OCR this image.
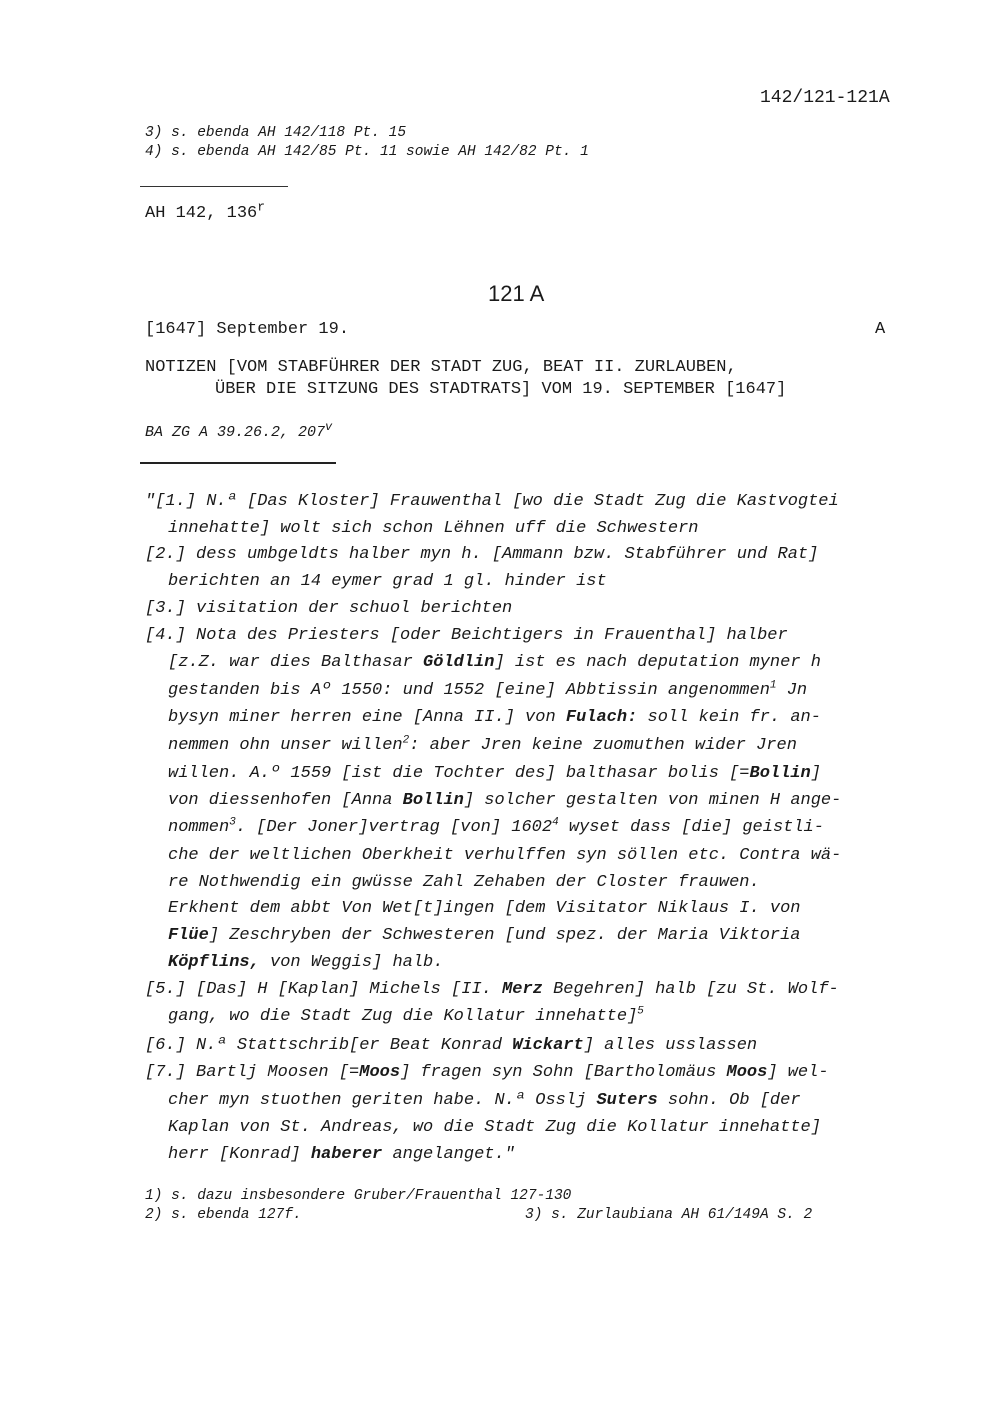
142/121-121A
3) s. ebenda AH 142/118 Pt. 15
4) s. ebenda AH 142/85 Pt. 11 sowie AH 142/82 Pt. 1
AH 142, 136$^r$
121 A
[1647] September 19.	A
NOTIZEN [VOM STABFÜHRER DER STADT ZUG, BEAT II. ZURLAUBEN,
ÜBER DIE SITZUNG DES STADTRATS] VOM 19. SEPTEMBER [1647]
BA ZG A 39.26.2, 207$^v$
"[1.] N.ª [Das Kloster] Frauwenthal [wo die Stadt Zug die Kastvogtei
innehatte] wolt sich schon Lëhnen uff die Schwestern
[2.] dess umbgeldts halber myn h. [Ammann bzw. Stabführer und Rat]
berichten an 14 eymer grad 1 gl. hinder ist
[3.] visitation der schuol berichten
[4.] Nota des Priesters [oder Beichtigers in Frauenthal] halber
[z.Z. war dies Balthasar Göldlin] ist es nach deputation myner h
gestanden bis Aº 1550: und 1552 [eine] Abbtissin angenommen$^1$ Jn
bysyn miner herren eine [Anna II.] von Fulach: soll kein fr. an-
nemmen ohn unser willen$^2$: aber Jren keine zuomuthen wider Jren
willen. A.º 1559 [ist die Tochter des] balthasar bolis [=Bollin]
von diessenhofen [Anna Bollin] solcher gestalten von minen H ange-
nommen$^3$. [Der Joner]vertrag [von] 1602$^4$ wyset dass [die] geistli-
che der weltlichen Oberkheit verhulffen syn söllen etc. Contra wä-
re Nothwendig ein gwüsse Zahl Zehaben der Closter frauwen.
Erkhent dem abbt Von Wet[t]ingen [dem Visitator Niklaus I. von
Flüe] Zeschryben der Schwesteren [und spez. der Maria Viktoria
Köpflins, von Weggis] halb.
[5.] [Das] H [Kaplan] Michels [II. Merz Begehren] halb [zu St. Wolf-
gang, wo die Stadt Zug die Kollatur innehatte]$^5$
[6.] N.ª Stattschrib[er Beat Konrad Wickart] alles usslassen
[7.] Bartlj Moosen [=Moos] fragen syn Sohn [Bartholomäus Moos] wel-
cher myn stuothen geriten habe. N.ª Osslj Suters sohn. Ob [der
Kaplan von St. Andreas, wo die Stadt Zug die Kollatur innehatte]
herr [Konrad] haberer angelanget."
1) s. dazu insbesondere Gruber/Frauenthal 127-130
2) s. ebenda 127f.	3) s. Zurlaubiana AH 61/149A S. 2
